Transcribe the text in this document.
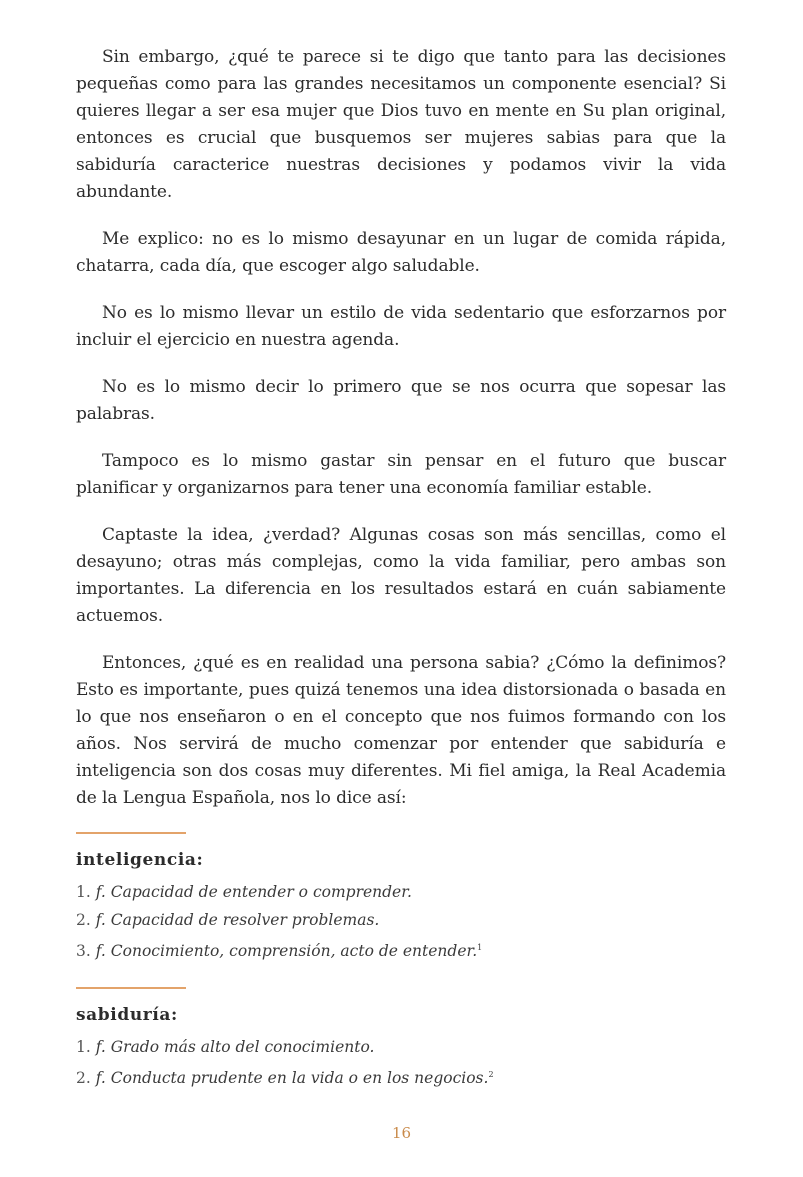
Sin embargo, ¿qué te parece si te digo que tanto para las decisiones pequeñas como para las grandes necesitamos un componente esencial? Si quieres llegar a ser esa mujer que Dios tuvo en mente en Su plan original, entonces es crucial que busquemos ser mujeres sabias para que la sabiduría caracterice nuestras decisiones y podamos vivir la vida abundante.

Me explico: no es lo mismo desayunar en un lugar de comida rápida, chatarra, cada día, que escoger algo saludable.

No es lo mismo llevar un estilo de vida sedentario que esforzarnos por incluir el ejercicio en nuestra agenda.

No es lo mismo decir lo primero que se nos ocurra que sopesar las palabras.

Tampoco es lo mismo gastar sin pensar en el futuro que buscar planificar y organizarnos para tener una economía familiar estable.

Captaste la idea, ¿verdad? Algunas cosas son más sencillas, como el desayuno; otras más complejas, como la vida familiar, pero ambas son importantes. La diferencia en los resultados estará en cuán sabiamente actuemos.

Entonces, ¿qué es en realidad una persona sabia? ¿Cómo la definimos? Esto es importante, pues quizá tenemos una idea distorsionada o basada en lo que nos enseñaron o en el concepto que nos fuimos formando con los años. Nos servirá de mucho comenzar por entender que sabiduría e inteligencia son dos cosas muy diferentes. Mi fiel amiga, la Real Academia de la Lengua Española, nos lo dice así:

inteligencia:
1. f. Capacidad de entender o comprender.
2. f. Capacidad de resolver problemas.
3. f. Conocimiento, comprensión, acto de entender.$^1$
sabiduría:
1. f. Grado más alto del conocimiento.
2. f. Conducta prudente en la vida o en los negocios.$^2$
16
